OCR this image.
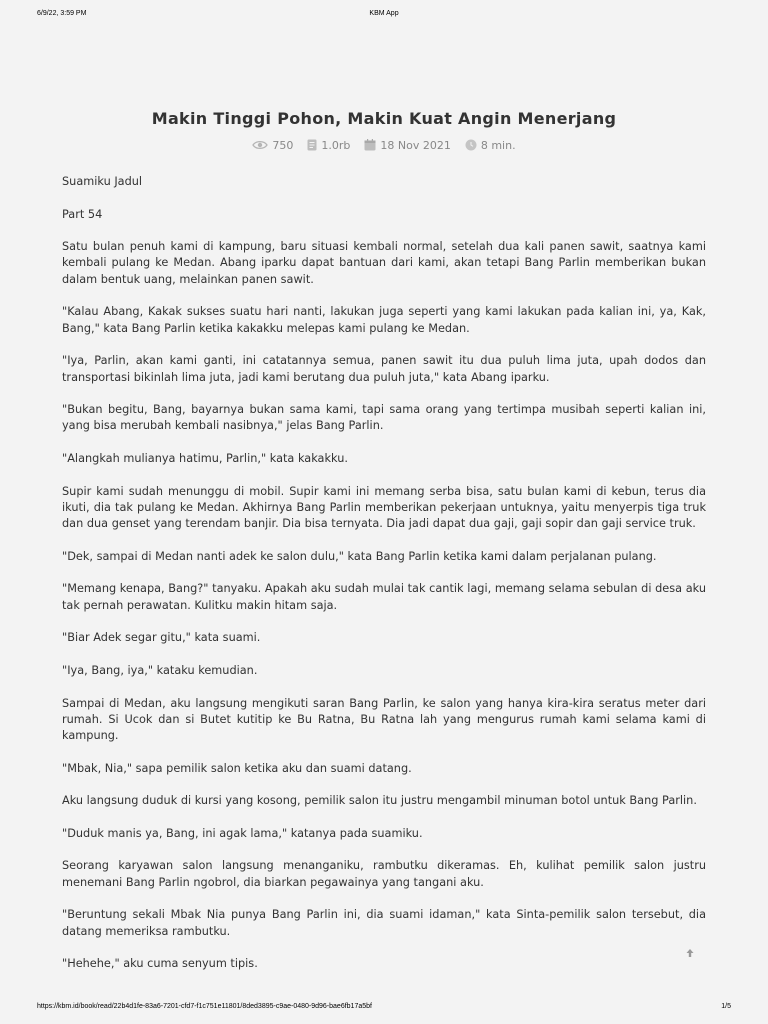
6/9/22, 3:59 PM	KBM App
Makin Tinggi Pohon, Makin Kuat Angin Menerjang
750	1.0rb	18 Nov 2021	8 min.

Suamiku Jadul

Part 54

Satu bulan penuh kami di kampung, baru situasi kembali normal, setelah dua kali panen sawit, saatnya kami kembali pulang ke Medan. Abang iparku dapat bantuan dari kami, akan tetapi Bang Parlin memberikan bukan dalam bentuk uang, melainkan panen sawit.

"Kalau Abang, Kakak sukses suatu hari nanti, lakukan juga seperti yang kami lakukan pada kalian ini, ya, Kak, Bang," kata Bang Parlin ketika kakakku melepas kami pulang ke Medan.

"Iya, Parlin, akan kami ganti, ini catatannya semua, panen sawit itu dua puluh lima juta, upah dodos dan transportasi bikinlah lima juta, jadi kami berutang dua puluh juta," kata Abang iparku.

"Bukan begitu, Bang, bayarnya bukan sama kami, tapi sama orang yang tertimpa musibah seperti kalian ini, yang bisa merubah kembali nasibnya," jelas Bang Parlin.

"Alangkah mulianya hatimu, Parlin," kata kakakku.

Supir kami sudah menunggu di mobil. Supir kami ini memang serba bisa, satu bulan kami di kebun, terus dia ikuti, dia tak pulang ke Medan. Akhirnya Bang Parlin memberikan pekerjaan untuknya, yaitu menyerpis tiga truk dan dua genset yang terendam banjir. Dia bisa ternyata. Dia jadi dapat dua gaji, gaji sopir dan gaji service truk.

"Dek, sampai di Medan nanti adek ke salon dulu," kata Bang Parlin ketika kami dalam perjalanan pulang.

"Memang kenapa, Bang?" tanyaku. Apakah aku sudah mulai tak cantik lagi, memang selama sebulan di desa aku tak pernah perawatan. Kulitku makin hitam saja.

"Biar Adek segar gitu," kata suami.

"Iya, Bang, iya," kataku kemudian.

Sampai di Medan, aku langsung mengikuti saran Bang Parlin, ke salon yang hanya kira-kira seratus meter dari rumah. Si Ucok dan si Butet kutitip ke Bu Ratna, Bu Ratna lah yang mengurus rumah kami selama kami di kampung.

"Mbak, Nia," sapa pemilik salon ketika aku dan suami datang.

Aku langsung duduk di kursi yang kosong, pemilik salon itu justru mengambil minuman botol untuk Bang Parlin.

"Duduk manis ya, Bang, ini agak lama," katanya pada suamiku.

Seorang karyawan salon langsung menanganiku, rambutku dikeramas. Eh, kulihat pemilik salon justru menemani Bang Parlin ngobrol, dia biarkan pegawainya yang tangani aku.

"Beruntung sekali Mbak Nia punya Bang Parlin ini, dia suami idaman," kata Sinta-pemilik salon tersebut, dia datang memeriksa rambutku.

"Hehehe," aku cuma senyum tipis.

https://kbm.id/book/read/22b4d1fe-83a6-7201-cfd7-f1c751e11801/8ded3895-c9ae-0480-9d96-bae6fb17a5bf	1/5
